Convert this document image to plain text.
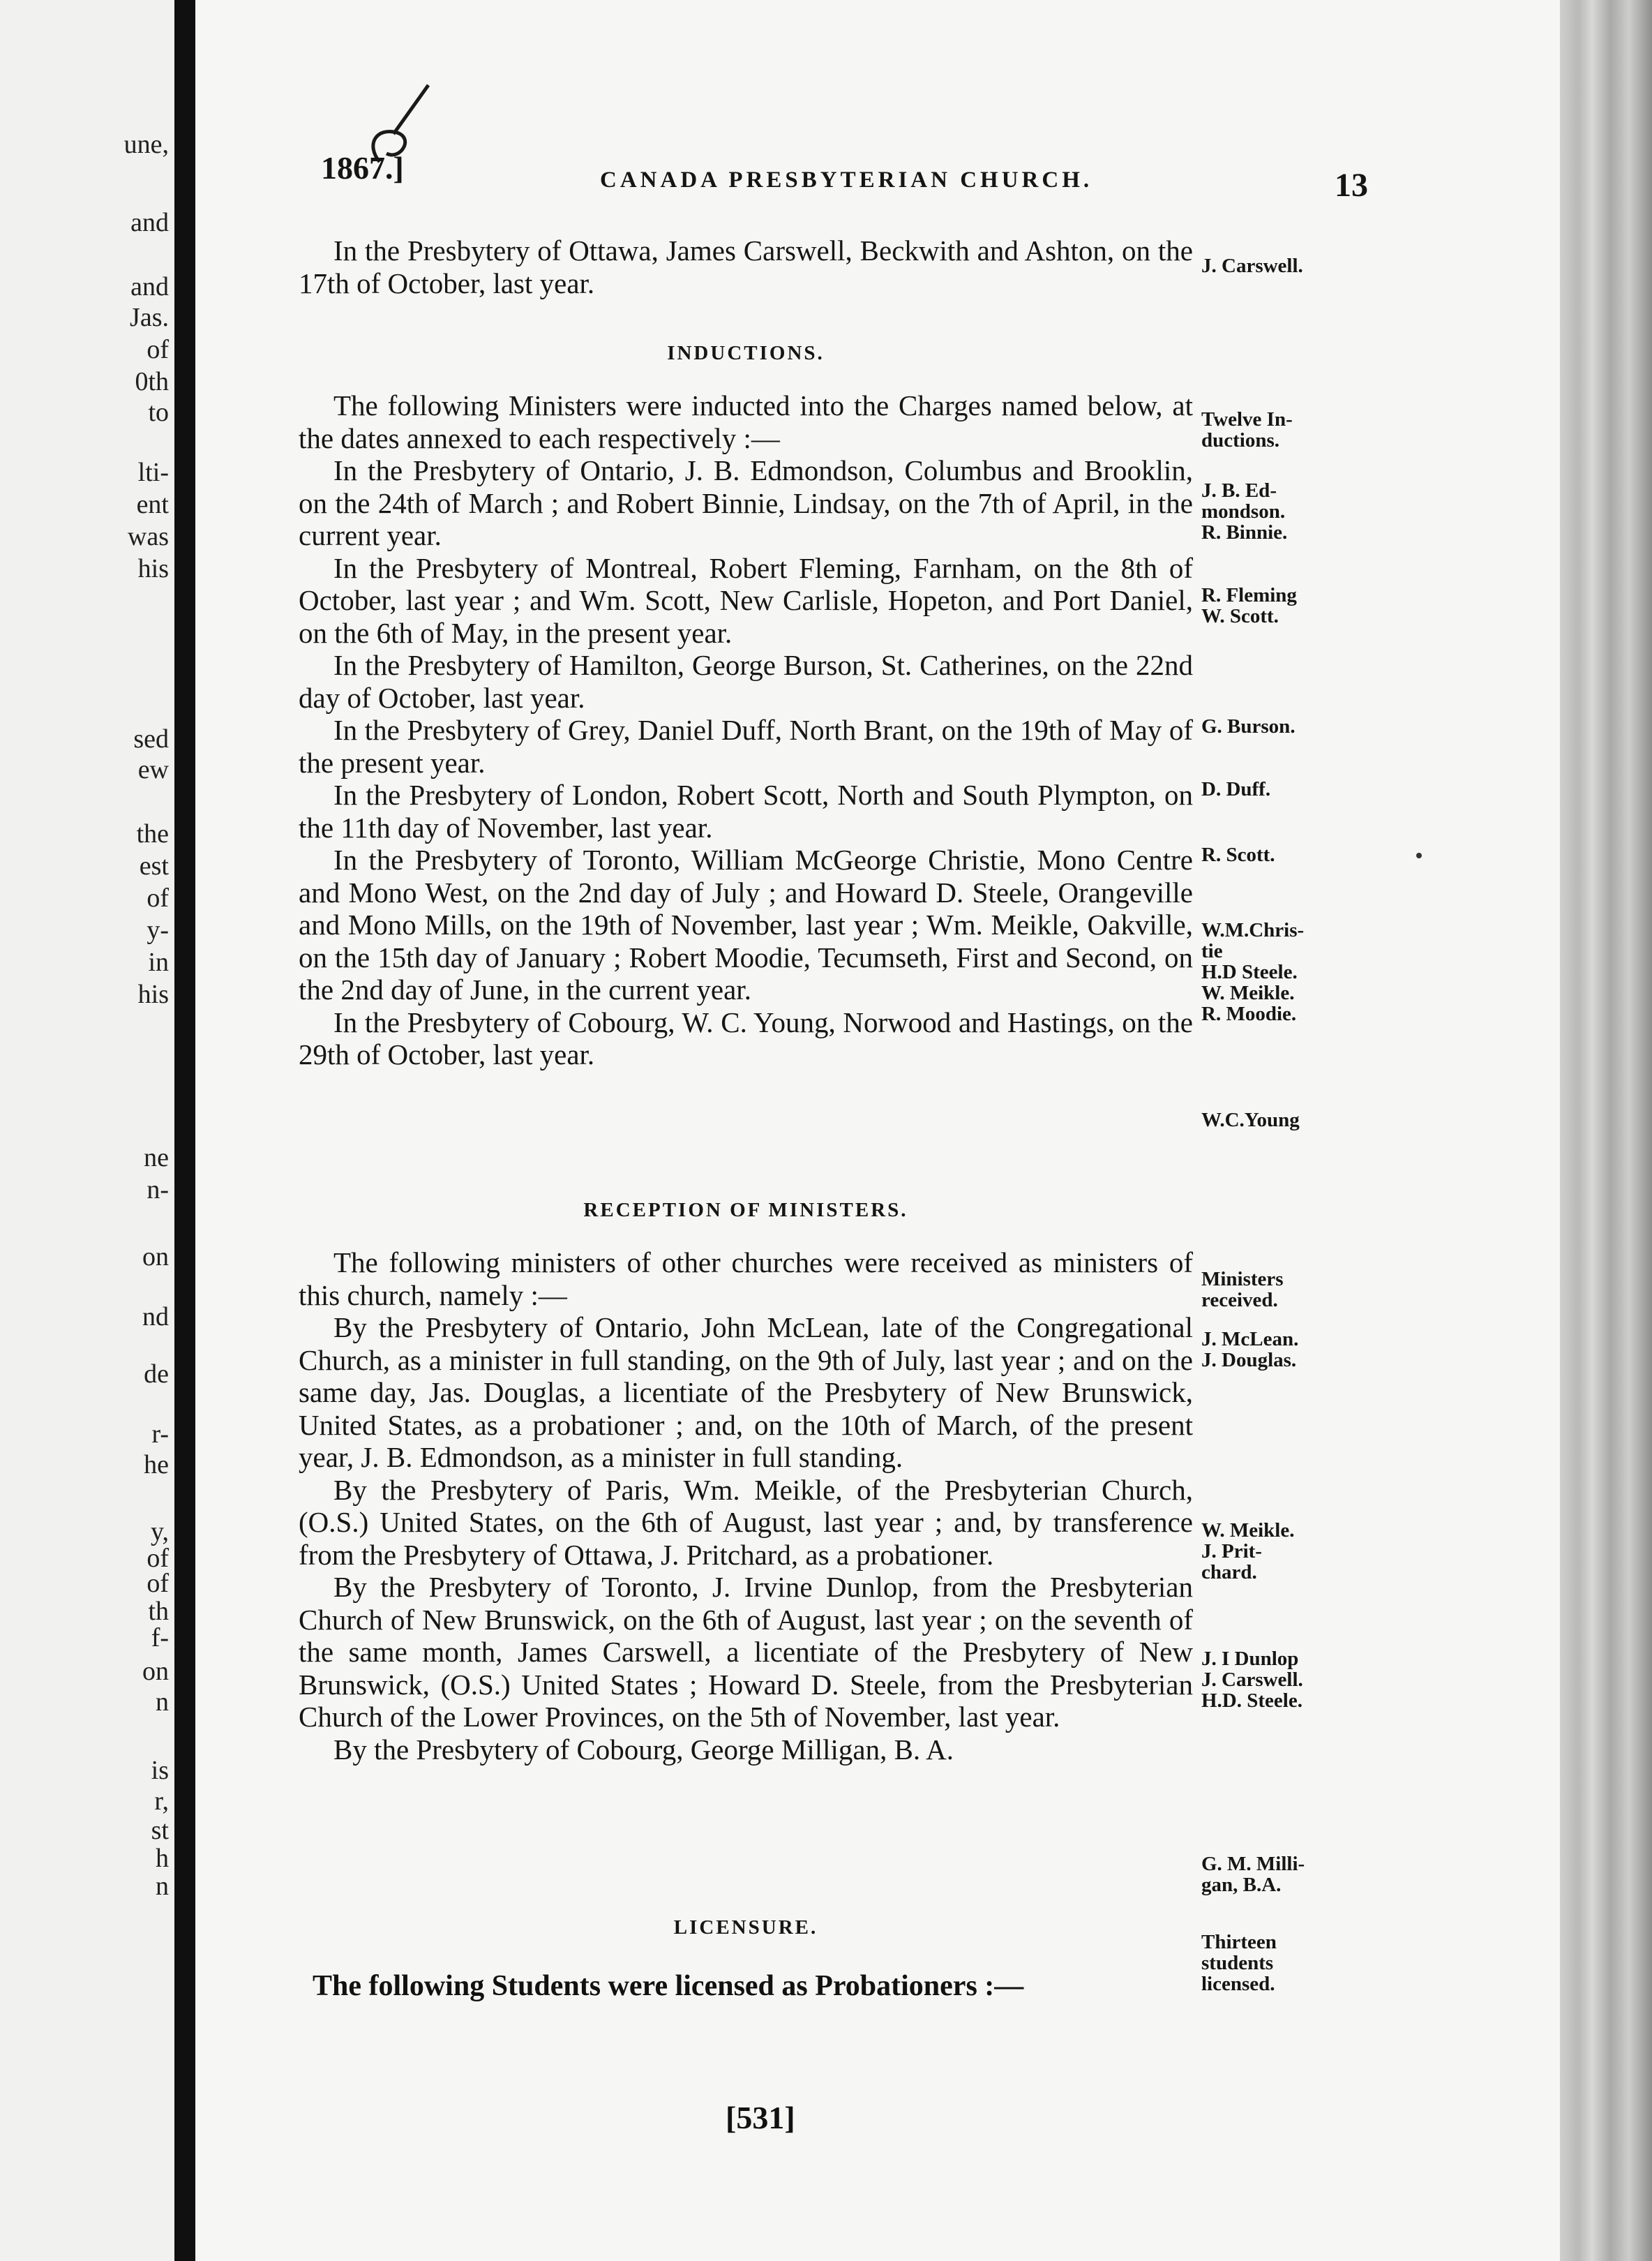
une,
and
and
Jas.
of
0th
to
lti-
ent
was
his
sed
ew
the
est
of
y-
in
his
ne
n-
on
nd
de
r-
he
y,
of
of
th
f-
on
n
is
r,
st
h
n
1867.]	CANADA PRESBYTERIAN CHURCH.	13

In the Presbytery of Ottawa, James Carswell, Beckwith and Ashton, on the 17th of October, last year.

J. Carswell.
INDUCTIONS.

The following Ministers were inducted into the Charges named below, at the dates annexed to each respectively :—

In the Presbytery of Ontario, J. B. Edmondson, Columbus and Brooklin, on the 24th of March ; and Robert Binnie, Lindsay, on the 7th of April, in the current year.

In the Presbytery of Montreal, Robert Fleming, Farnham, on the 8th of October, last year ; and Wm. Scott, New Carlisle, Hopeton, and Port Daniel, on the 6th of May, in the present year.

In the Presbytery of Hamilton, George Burson, St. Catherines, on the 22nd day of October, last year.

In the Presbytery of Grey, Daniel Duff, North Brant, on the 19th of May of the present year.

In the Presbytery of London, Robert Scott, North and South Plympton, on the 11th day of November, last year.

In the Presbytery of Toronto, William McGeorge Christie, Mono Centre and Mono West, on the 2nd day of July ; and Howard D. Steele, Orangeville and Mono Mills, on the 19th of November, last year ; Wm. Meikle, Oakville, on the 15th day of January ; Robert Moodie, Tecumseth, First and Second, on the 2nd day of June, in the current year.

In the Presbytery of Cobourg, W. C. Young, Norwood and Hastings, on the 29th of October, last year.

RECEPTION OF MINISTERS.

The following ministers of other churches were received as ministers of this church, namely :—

By the Presbytery of Ontario, John McLean, late of the Congregational Church, as a minister in full standing, on the 9th of July, last year ; and on the same day, Jas. Douglas, a licentiate of the Presbytery of New Brunswick, United States, as a probationer ; and, on the 10th of March, of the present year, J. B. Edmondson, as a minister in full standing.

By the Presbytery of Paris, Wm. Meikle, of the Presbyterian Church, (O.S.) United States, on the 6th of August, last year ; and, by transference from the Presbytery of Ottawa, J. Pritchard, as a probationer.

By the Presbytery of Toronto, J. Irvine Dunlop, from the Presbyterian Church of New Brunswick, on the 6th of August, last year ; on the seventh of the same month, James Carswell, a licentiate of the Presbytery of New Brunswick, (O.S.) United States ; Howard D. Steele, from the Presbyterian Church of the Lower Provinces, on the 5th of November, last year.

By the Presbytery of Cobourg, George Milligan, B. A.

LICENSURE.
The following Students were licensed as Probationers :—
Thirteen
students
licensed.
[531]
Twelve In-
ductions.
J. B. Ed-
mondson.
R. Binnie.
R. Fleming
W. Scott.
G. Burson.
D. Duff.
R. Scott.
W.M.Chris-
tie
H.D Steele.
W. Meikle.
R. Moodie.
W.C.Young
Ministers
received.
J. McLean.
J. Douglas.
W. Meikle.
J. Prit-
chard.
J. I Dunlop
J. Carswell.
H.D. Steele.
G. M. Milli-
gan, B.A.
